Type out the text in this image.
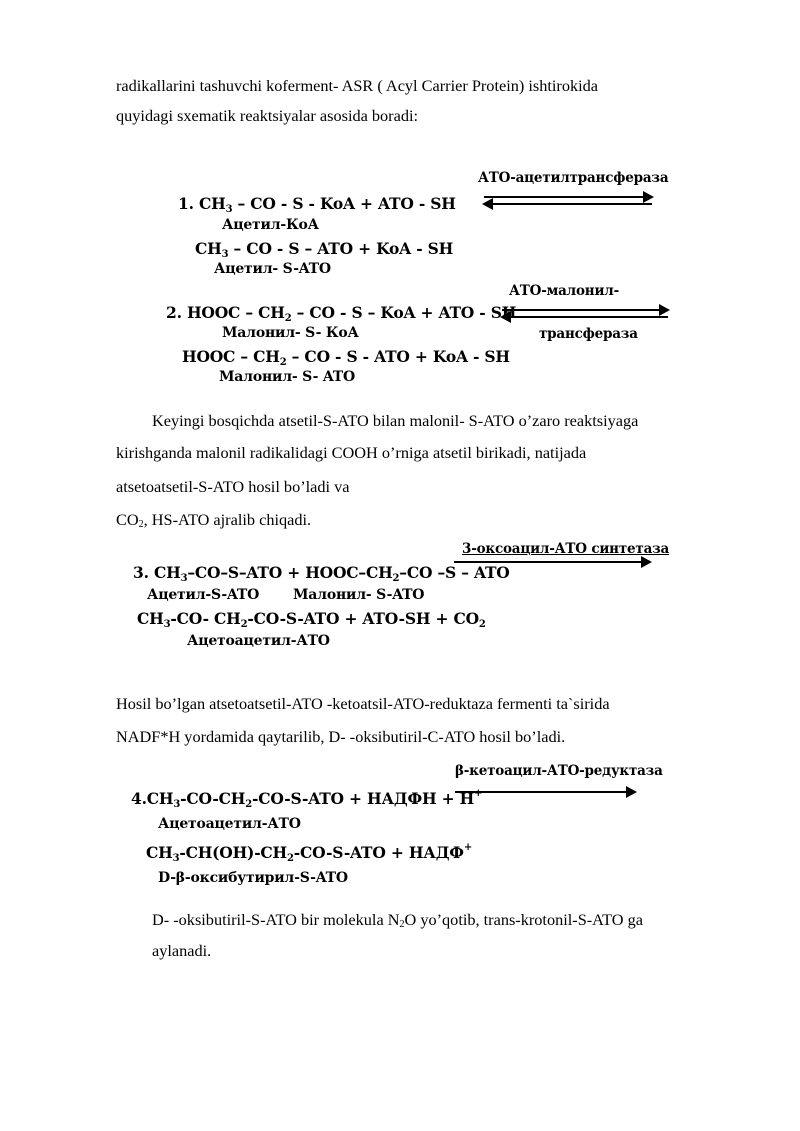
radikallarini tashuvchi koferment- ASR ( Acyl Carrier Protein) ishtirokida

quyidagi sxematik reaktsiyalar asosida boradi:

АТО-ацетилтрансфераза
1. CH3 – CO - S - KoA + ATO - SH
Ацетил-КоА
CH3 – CO - S – ATO + KoA - SH
Ацетил- S-ATO
АТО-малонил-
трансфераза
2. HOOC – CH2 – CO - S – KoA + ATO - SH
Малонил- S- КоА
HOOC – CH2 – CO - S - ATO + KoA - SH
Малонил- S- ATO

Keyingi bosqichda atsetil-S-ATO bilan malonil- S-ATO o’zaro reaktsiyaga

kirishganda malonil radikalidagi COOH o’rniga atsetil birikadi, natijada

atsetoatsetil-S-ATO hosil bo’ladi va

$CO_2$, HS-ATO ajralib chiqadi.

3-оксоацил-АТО синтетаза
3. CH3–CO–S–ATO + HOOC–CH2–CO –S – ATO
Ацетил-S-ATO Малонил- S-ATO
CH3-CO- CH2-CO-S-ATO + ATO-SH + CO2
Ацетоацетил-АТО

Hosil bo’lgan atsetoatsetil-ATO -ketoatsil-ATO-reduktaza fermenti ta`sirida

NADF*H yordamida qaytarilib, D- -oksibutiril-C-ATO hosil bo’ladi.

β-кетоацил-АТО-редуктаза
4.CH3-CO-CH2-CO-S-ATO + НАДФН + H+
Ацетоацетил-АТО
CH3-CH(OH)-CH2-CO-S-ATO + НАДФ+
D-β-оксибутирил-S-ATO

D- -oksibutiril-S-ATO bir molekula $N_2O$ yo’qotib, trans-krotonil-S-ATO ga

aylanadi.
